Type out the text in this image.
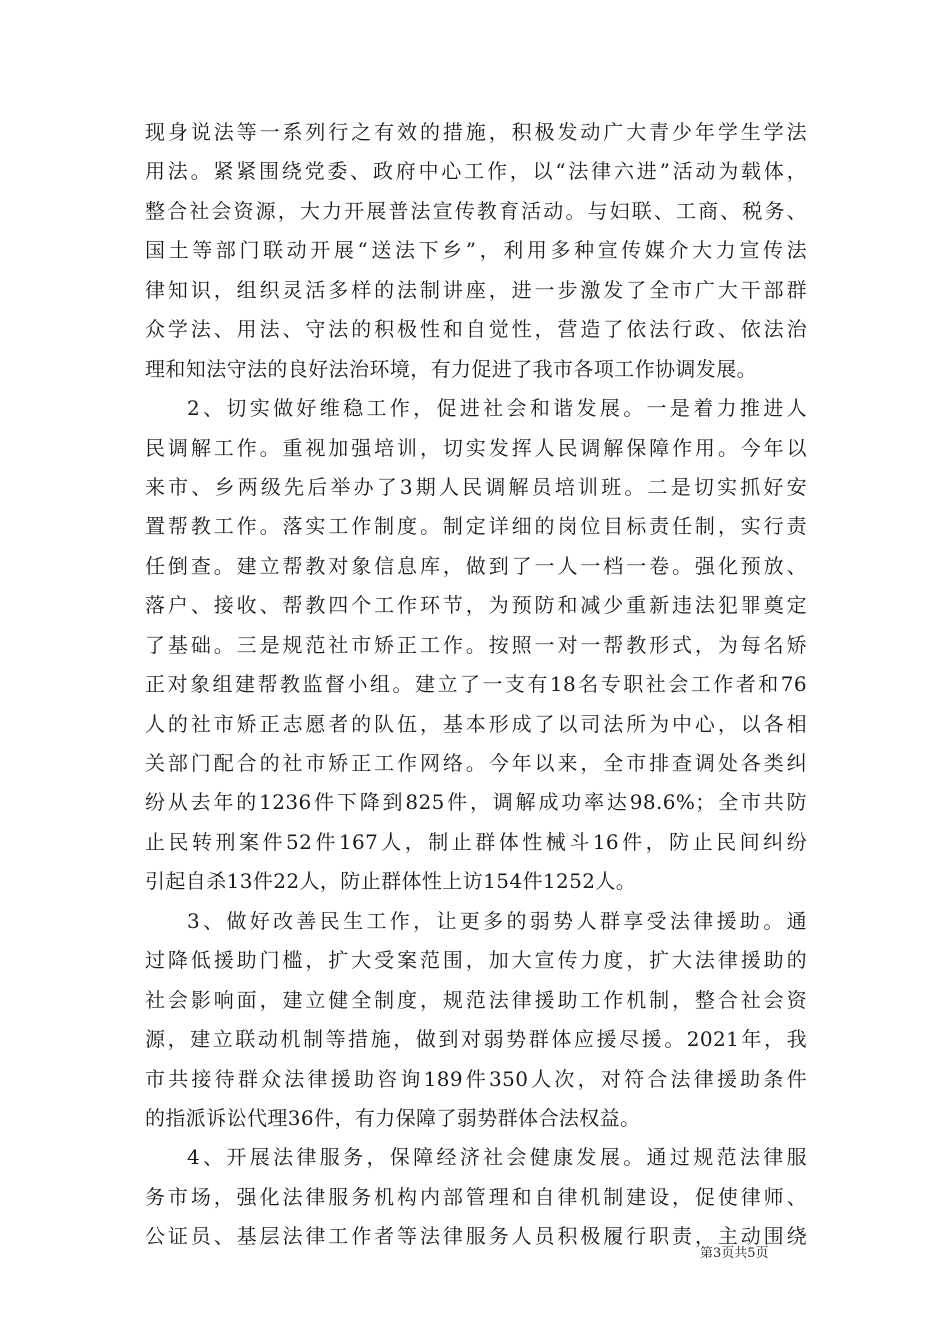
现身说法等一系列行之有效的措施，积极发动广大青少年学生学法
用法。紧紧围绕党委、政府中心工作，以“法律六进”活动为载体，
整合社会资源，大力开展普法宣传教育活动。与妇联、工商、税务、
国土等部门联动开展“送法下乡”，利用多种宣传媒介大力宣传法
律知识，组织灵活多样的法制讲座，进一步激发了全市广大干部群
众学法、用法、守法的积极性和自觉性，营造了依法行政、依法治
理和知法守法的良好法治环境，有力促进了我市各项工作协调发展。
2、切实做好维稳工作，促进社会和谐发展。一是着力推进人
民调解工作。重视加强培训，切实发挥人民调解保障作用。今年以
来市、乡两级先后举办了3期人民调解员培训班。二是切实抓好安
置帮教工作。落实工作制度。制定详细的岗位目标责任制，实行责
任倒查。建立帮教对象信息库，做到了一人一档一卷。强化预放、
落户、接收、帮教四个工作环节，为预防和减少重新违法犯罪奠定
了基础。三是规范社市矫正工作。按照一对一帮教形式，为每名矫
正对象组建帮教监督小组。建立了一支有18名专职社会工作者和76
人的社市矫正志愿者的队伍，基本形成了以司法所为中心，以各相
关部门配合的社市矫正工作网络。今年以来，全市排查调处各类纠
纷从去年的1236件下降到825件，调解成功率达98.6%；全市共防
止民转刑案件52件167人，制止群体性械斗16件，防止民间纠纷
引起自杀13件22人，防止群体性上访154件1252人。
3、做好改善民生工作，让更多的弱势人群享受法律援助。通
过降低援助门槛，扩大受案范围，加大宣传力度，扩大法律援助的
社会影响面，建立健全制度，规范法律援助工作机制，整合社会资
源，建立联动机制等措施，做到对弱势群体应援尽援。2021年，我
市共接待群众法律援助咨询189件350人次，对符合法律援助条件
的指派诉讼代理36件，有力保障了弱势群体合法权益。
4、开展法律服务，保障经济社会健康发展。通过规范法律服
务市场，强化法律服务机构内部管理和自律机制建设，促使律师、
公证员、基层法律工作者等法律服务人员积极履行职责，主动围绕
第3页共5页
